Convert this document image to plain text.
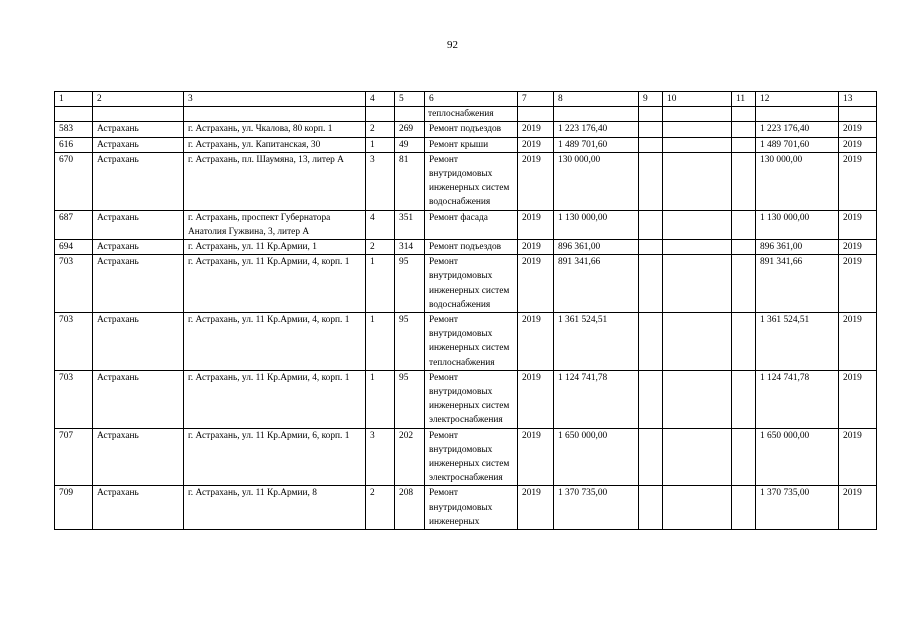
92
1	2	3	4	5	6	7	8	9	10	11	12	13
					теплоснабжения							
583	Астрахань	г. Астрахань, ул. Чкалова, 80 корп. 1	2	269	Ремонт подъездов	2019	1 223 176,40				1 223 176,40	2019
616	Астрахань	г. Астрахань, ул. Капитанская, 30	1	49	Ремонт крыши	2019	1 489 701,60				1 489 701,60	2019
670	Астрахань	г. Астрахань, пл. Шаумяна, 13, литер А	3	81	Ремонт внутридомовых инженерных систем водоснабжения	2019	130 000,00				130 000,00	2019
687	Астрахань	г. Астрахань, проспект Губернатора Анатолия Гужвина, 3, литер А	4	351	Ремонт фасада	2019	1 130 000,00				1 130 000,00	2019
694	Астрахань	г. Астрахань, ул. 11 Кр.Армии, 1	2	314	Ремонт подъездов	2019	896 361,00				896 361,00	2019
703	Астрахань	г. Астрахань, ул. 11 Кр.Армии, 4, корп. 1	1	95	Ремонт внутридомовых инженерных систем водоснабжения	2019	891 341,66				891 341,66	2019
703	Астрахань	г. Астрахань, ул. 11 Кр.Армии, 4, корп. 1	1	95	Ремонт внутридомовых инженерных систем теплоснабжения	2019	1 361 524,51				1 361 524,51	2019
703	Астрахань	г. Астрахань, ул. 11 Кр.Армии, 4, корп. 1	1	95	Ремонт внутридомовых инженерных систем электроснабжения	2019	1 124 741,78				1 124 741,78	2019
707	Астрахань	г. Астрахань, ул. 11 Кр.Армии, 6, корп. 1	3	202	Ремонт внутридомовых инженерных систем электроснабжения	2019	1 650 000,00				1 650 000,00	2019
709	Астрахань	г. Астрахань, ул. 11 Кр.Армии, 8	2	208	Ремонт внутридомовых инженерных	2019	1 370 735,00				1 370 735,00	2019
